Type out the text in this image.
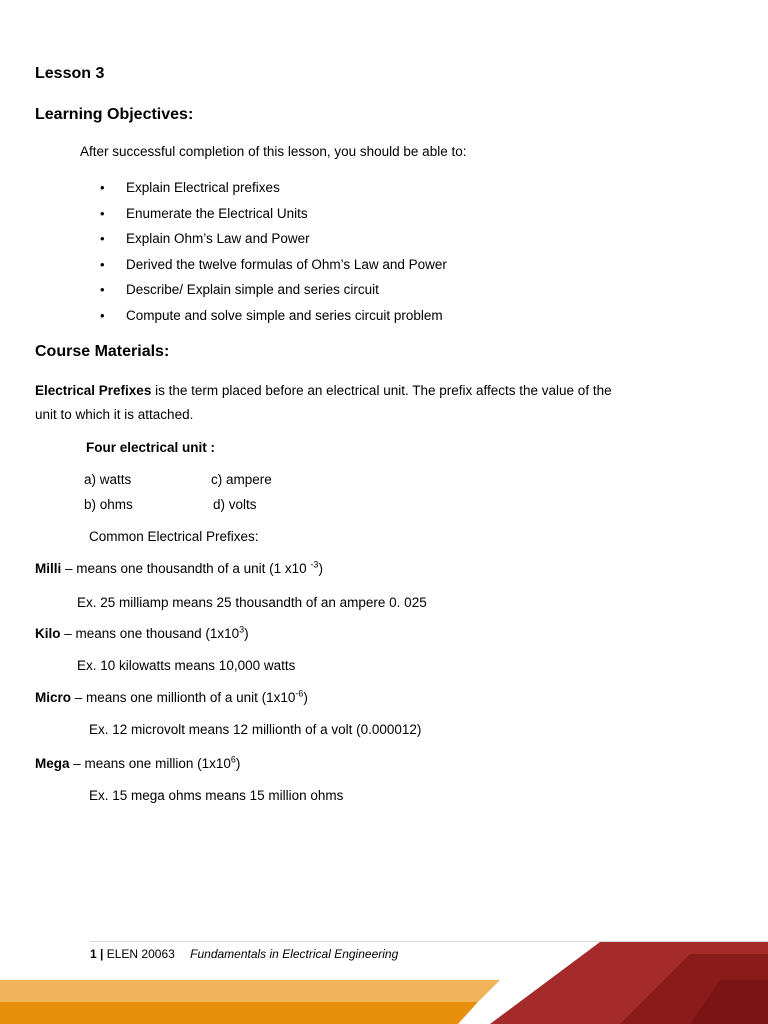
Lesson 3
Learning Objectives:
After successful completion of this lesson, you should be able to:
• Explain Electrical prefixes
• Enumerate the Electrical Units
• Explain Ohm’s Law and Power
• Derived the twelve formulas of Ohm’s Law and Power
• Describe/ Explain simple and series circuit
• Compute and solve simple and series circuit problem
Course Materials:
Electrical Prefixes is the term placed before an electrical unit. The prefix affects the value of the
unit to which it is attached.
Four electrical unit :
a) watts	c) ampere
b) ohms	d) volts
Common Electrical Prefixes:
Milli – means one thousandth of a unit (1 x10 $^{-3}$)
Ex. 25 milliamp means 25 thousandth of an ampere 0. 025
Kilo – means one thousand $(1x10^3)$
Ex. 10 kilowatts means 10,000 watts
Micro – means one millionth of a unit $(1x10^{-6})$
Ex. 12 microvolt means 12 millionth of a volt (0.000012)
Mega – means one million $(1x10^6)$
Ex. 15 mega ohms means 15 million ohms
1 | ELEN 20063 Fundamentals in Electrical Engineering
